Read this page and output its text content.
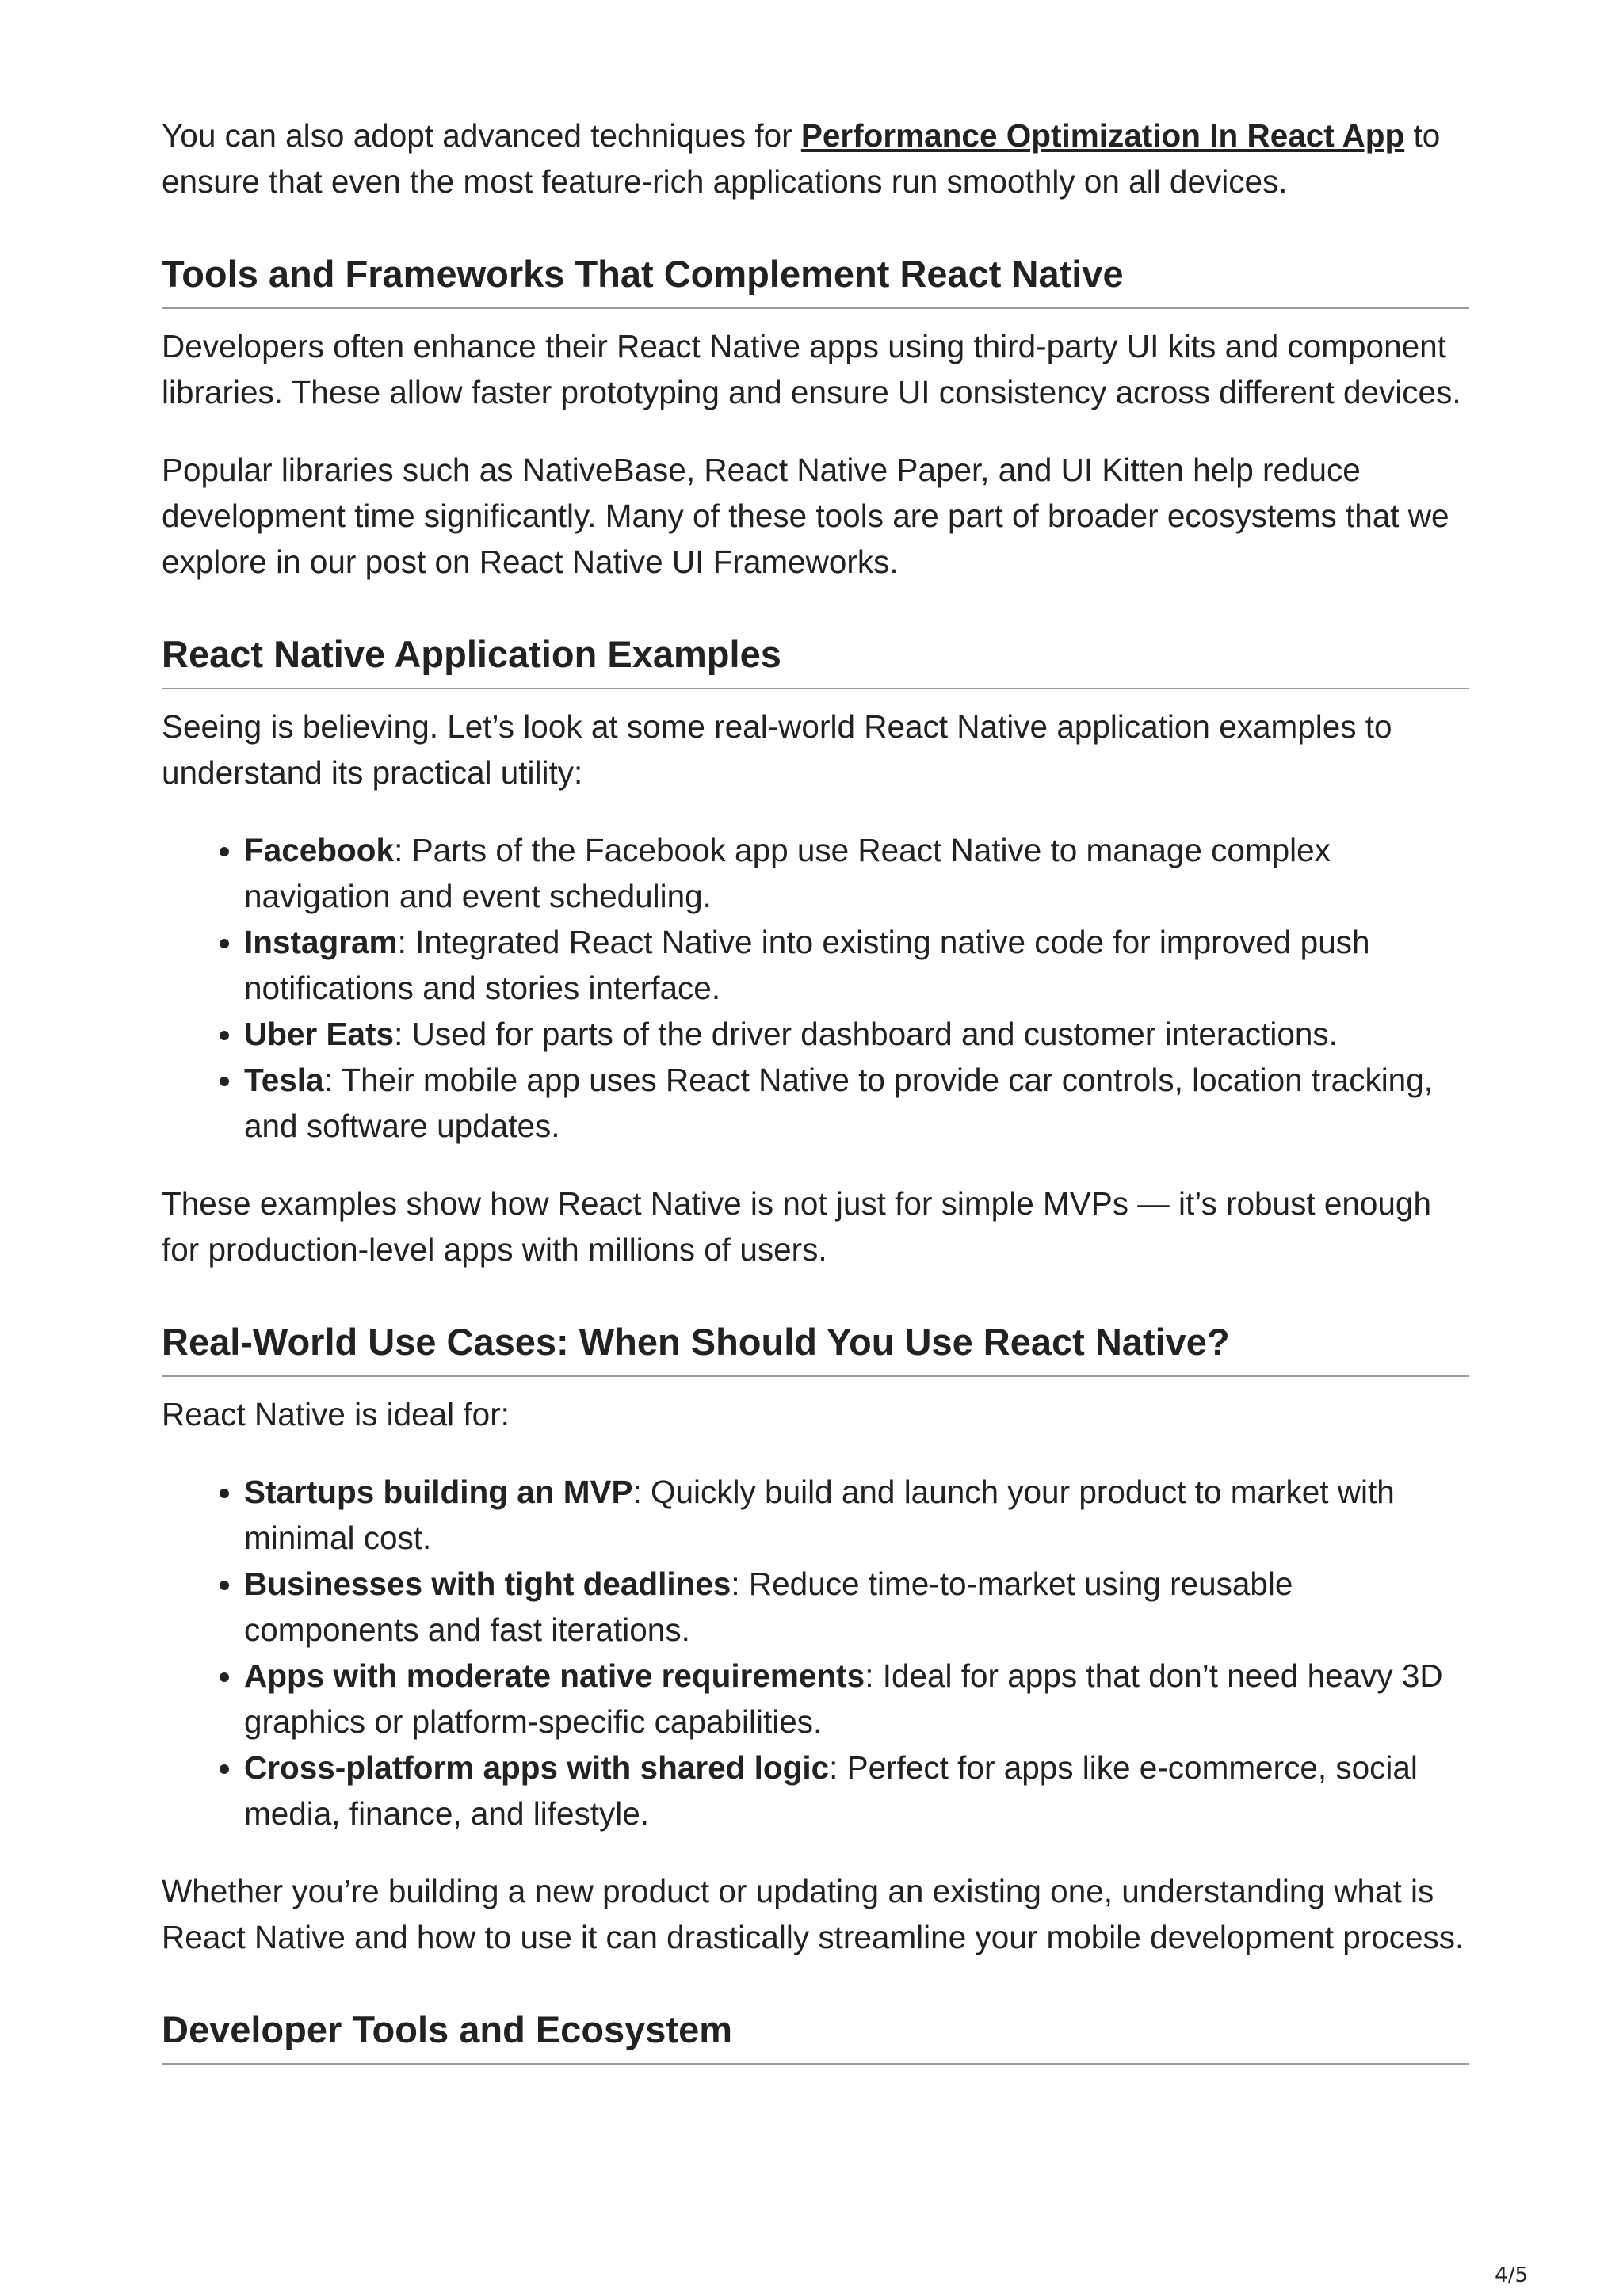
You can also adopt advanced techniques for Performance Optimization In React App to ensure that even the most feature-rich applications run smoothly on all devices.

Tools and Frameworks That Complement React Native

Developers often enhance their React Native apps using third-party UI kits and component libraries. These allow faster prototyping and ensure UI consistency across different devices.

Popular libraries such as NativeBase, React Native Paper, and UI Kitten help reduce development time significantly. Many of these tools are part of broader ecosystems that we explore in our post on React Native UI Frameworks.

React Native Application Examples

Seeing is believing. Let’s look at some real-world React Native application examples to understand its practical utility:

• Facebook: Parts of the Facebook app use React Native to manage complex navigation and event scheduling.
• Instagram: Integrated React Native into existing native code for improved push notifications and stories interface.
• Uber Eats: Used for parts of the driver dashboard and customer interactions.
• Tesla: Their mobile app uses React Native to provide car controls, location tracking, and software updates.

These examples show how React Native is not just for simple MVPs — it’s robust enough for production-level apps with millions of users.

Real-World Use Cases: When Should You Use React Native?

React Native is ideal for:

• Startups building an MVP: Quickly build and launch your product to market with minimal cost.
• Businesses with tight deadlines: Reduce time-to-market using reusable components and fast iterations.
• Apps with moderate native requirements: Ideal for apps that don’t need heavy 3D graphics or platform-specific capabilities.
• Cross-platform apps with shared logic: Perfect for apps like e-commerce, social media, finance, and lifestyle.

Whether you’re building a new product or updating an existing one, understanding what is React Native and how to use it can drastically streamline your mobile development process.

Developer Tools and Ecosystem
4/5
